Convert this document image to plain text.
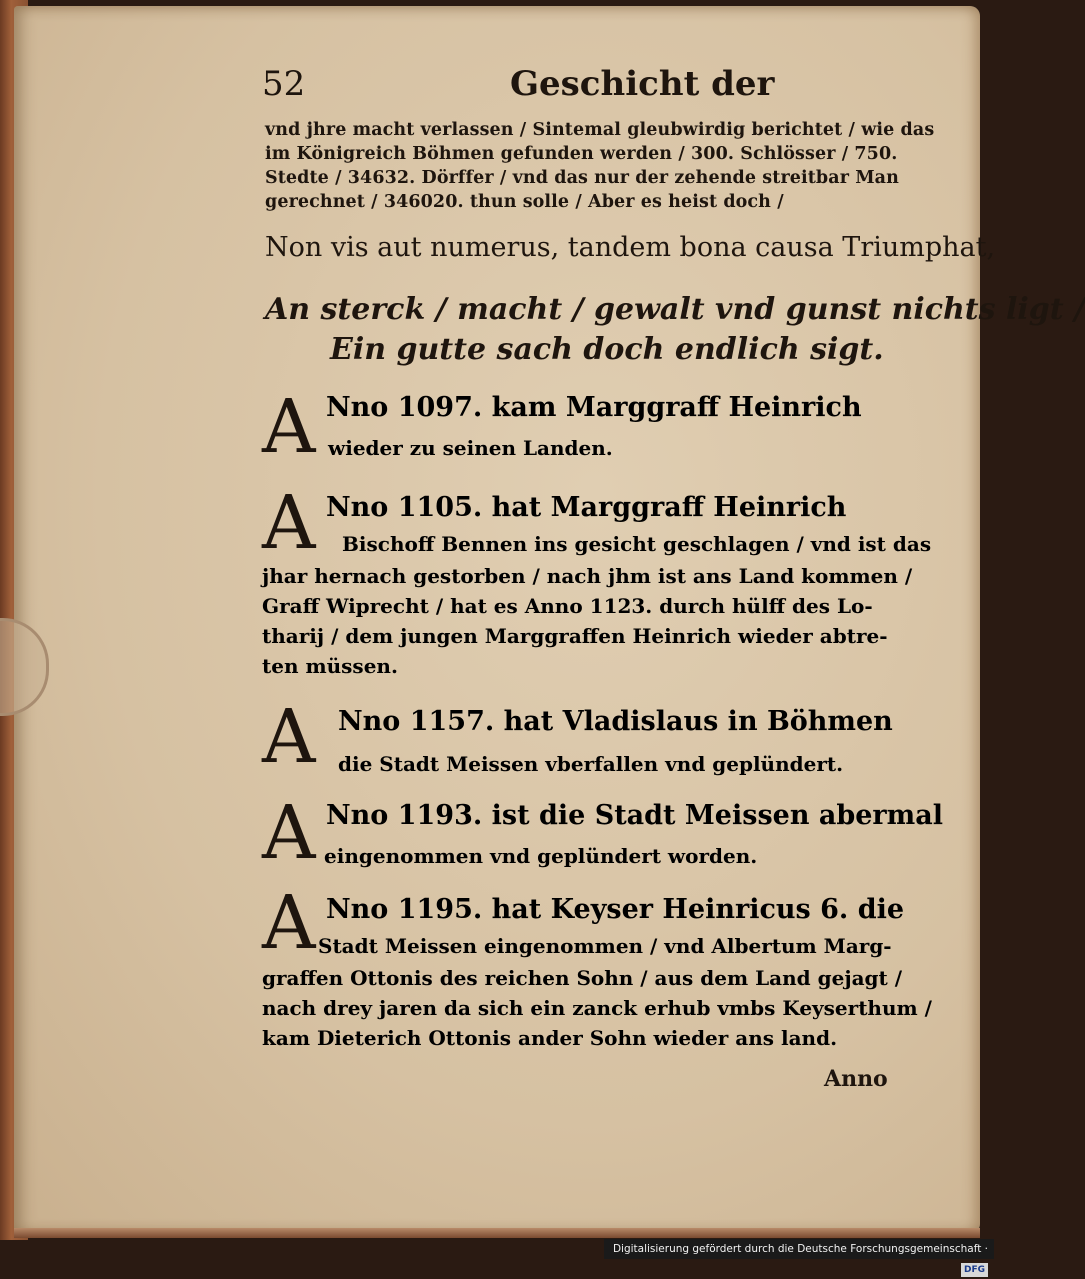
52	Geschicht der
vnd jhre macht verlassen / Sintemal gleubwirdig berichtet / wie das
im Königreich Böhmen gefunden werden / 300. Schlösser / 750.
Stedte / 34632. Dörffer / vnd das nur der zehende streitbar Man
gerechnet / 346020. thun solle / Aber es heist doch /
Non vis aut numerus, tandem bona causa Triumphat,
An sterck / macht / gewalt vnd gunst nichts ligt /
Ein gutte sach doch endlich sigt.
A Nno 1097. kam Marggraff Heinrich
wieder zu seinen Landen.
A Nno 1105. hat Marggraff Heinrich
Bischoff Bennen ins gesicht geschlagen / vnd ist das
jhar hernach gestorben / nach jhm ist ans Land kommen /
Graff Wiprecht / hat es Anno 1123. durch hülff des Lo-
tharij / dem jungen Marggraffen Heinrich wieder abtre-
ten müssen.
A Nno 1157. hat Vladislaus in Böhmen
die Stadt Meissen vberfallen vnd geplündert.
A Nno 1193. ist die Stadt Meissen abermal
eingenommen vnd geplündert worden.
A Nno 1195. hat Keyser Heinricus 6. die
Stadt Meissen eingenommen / vnd Albertum Marg-
graffen Ottonis des reichen Sohn / aus dem Land gejagt /
nach drey jaren da sich ein zanck erhub vmbs Keyserthum /
kam Dieterich Ottonis ander Sohn wieder ans land.
Anno
Digitalisierung gefördert durch die Deutsche Forschungsgemeinschaft ·DFG
